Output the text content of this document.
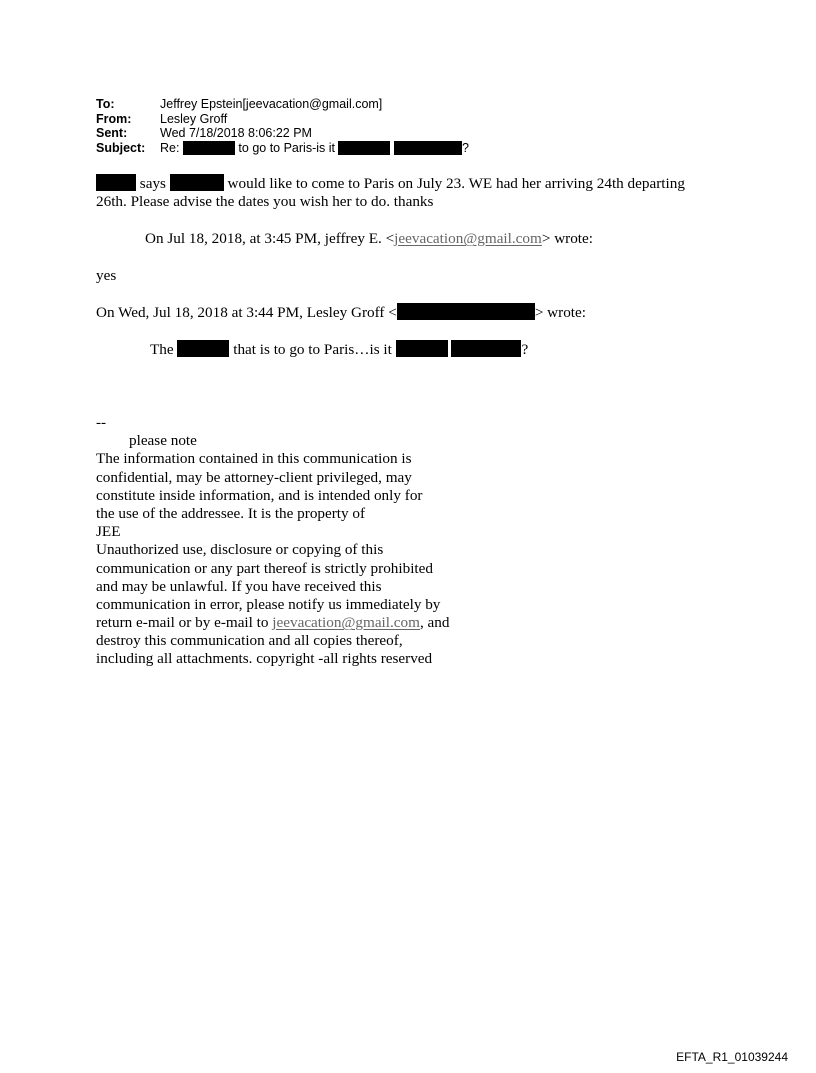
To:	Jeffrey Epstein[jeevacation@gmail.com]
From: Lesley Groff
Sent:	Wed 7/18/2018 8:06:22 PM
Subject: Re:	to go to Paris-is it	?
says	would like to come to Paris on July 23. WE had her arriving 24th departing
26th. Please advise the dates you wish her to do. thanks
On Jul 18, 2018, at 3:45 PM, jeffrey E. <jeevacation@gmail.com> wrote:
yes
On Wed, Jul 18, 2018 at 3:44 PM, Lesley Groff <	> wrote:
The	that is to go to Paris…is it	?
--
please note
The information contained in this communication is
confidential, may be attorney-client privileged, may
constitute inside information, and is intended only for
the use of the addressee. It is the property of
JEE
Unauthorized use, disclosure or copying of this
communication or any part thereof is strictly prohibited
and may be unlawful. If you have received this
communication in error, please notify us immediately by
return e-mail or by e-mail to jeevacation@gmail.com, and
destroy this communication and all copies thereof,
including all attachments. copyright -all rights reserved
EFTA_R1_01039244
